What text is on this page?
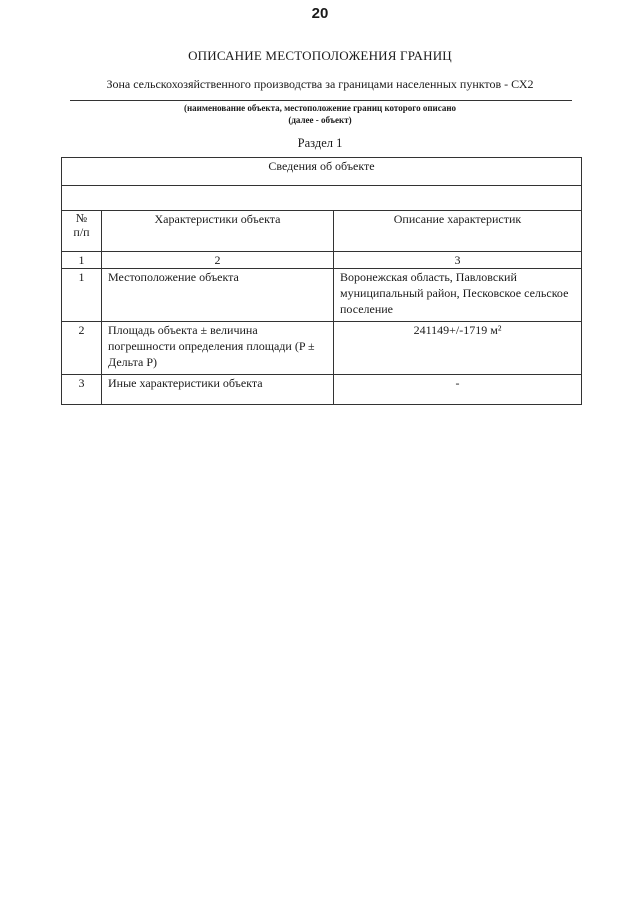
20
ОПИСАНИЕ МЕСТОПОЛОЖЕНИЯ ГРАНИЦ
Зона сельскохозяйственного производства за границами населенных пунктов - СХ2
(наименование объекта, местоположение границ которого описано
(далее - объект)
Раздел 1
Сведения об объекте		

№
п/п	Характеристики объекта	Описание характеристик
1	2	3
1	Местоположение объекта	Воронежская область, Павловский муниципальный район, Песковское сельское поселение
2	Площадь объекта ± величина погрешности определения площади (P ± Дельта P)	241149+/-1719 м²
3	Иные характеристики объекта	-
